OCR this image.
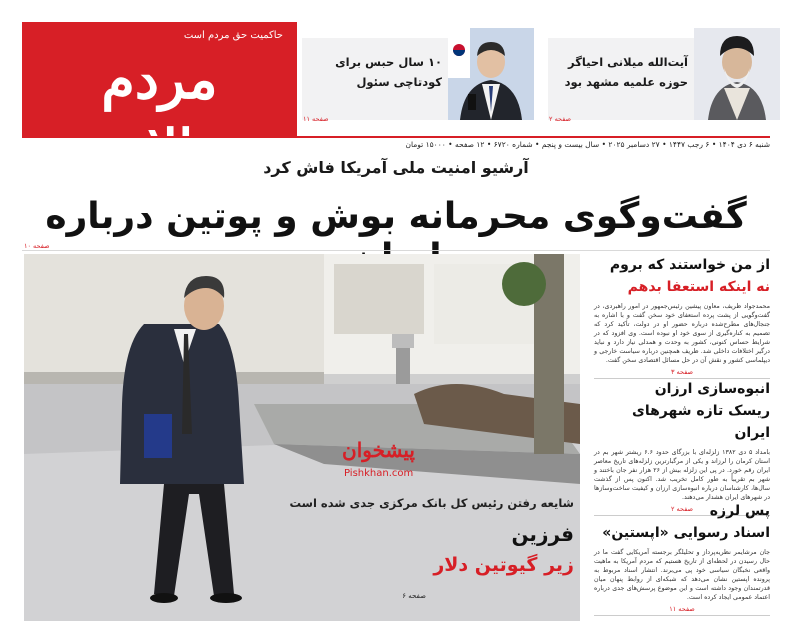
حاکمیت حق مردم است
مردم سالاری
آیت‌الله میلانی احیاگر حوزه علمیه مشهد بود
صفحه ۲
۱۰ سال حبس برای کودتاچی سئول
صفحه ۱۱
شنبه ۶ دی ۱۴۰۴ • ۶ رجب ۱۴۴۷ • ۲۷ دسامبر ۲۰۲۵ • سال بیست و پنجم • شماره ۶۷۲۰ • ۱۲ صفحه • ۱۵۰۰۰ تومان
آرشیو امنیت ملی آمریکا فاش کرد
گفت‌وگوی محرمانه بوش و پوتین درباره
صفحه ۱۰
پیشخوان
Pishkhan.com
شایعه رفتن رئیس کل بانک مرکزی جدی شده است
فرزین
زیر گیوتین دلار
صفحه ۶
از من خواستند که بروم
نه اینکه استعفا بدهم
محمدجواد ظریف، معاون پیشین رئیس‌جمهور در امور راهبردی، در گفت‌وگویی از پشت پرده استعفای خود سخن گفت و با اشاره به جنجال‌های مطرح‌شده درباره حضور او در دولت، تأکید کرد که تصمیم به کناره‌گیری از سوی خود او نبوده است. وی افزود که در شرایط حساس کنونی، کشور به وحدت و همدلی نیاز دارد و نباید درگیر اختلافات داخلی شد. ظریف همچنین درباره سیاست خارجی و دیپلماسی کشور و نقش آن در حل مسائل اقتصادی سخن گفت.
صفحه ۳
انبوه‌سازی ارزان
ریسک تازه شهرهای ایران
بامداد ۵ دی ۱۳۸۲ زلزله‌ای با بزرگای حدود ۶.۶ ریشتر شهر بم در استان کرمان را لرزاند و یکی از مرگبارترین زلزله‌های تاریخ معاصر ایران رقم خورد. در پی این زلزله بیش از ۲۶ هزار نفر جان باختند و شهر بم تقریباً به طور کامل تخریب شد. اکنون پس از گذشت سال‌ها، کارشناسان درباره انبوه‌سازی ارزان و کیفیت ساخت‌وسازها در شهرهای ایران هشدار می‌دهند.
صفحه ۲	پس لرزه
اسناد رسوایی «اپستین»
جان مرشایمر نظریه‌پرداز و تحلیلگر برجسته آمریکایی گفت ما در حال رسیدن در لحظه‌ای از تاریخ هستیم که مردم آمریکا به ماهیت واقعی نخبگان سیاسی خود پی می‌برند. انتشار اسناد مربوط به پرونده اپستین نشان می‌دهد که شبکه‌ای از روابط پنهان میان قدرتمندان وجود داشته است و این موضوع پرسش‌های جدی درباره اعتماد عمومی ایجاد کرده است.
صفحه ۱۱
